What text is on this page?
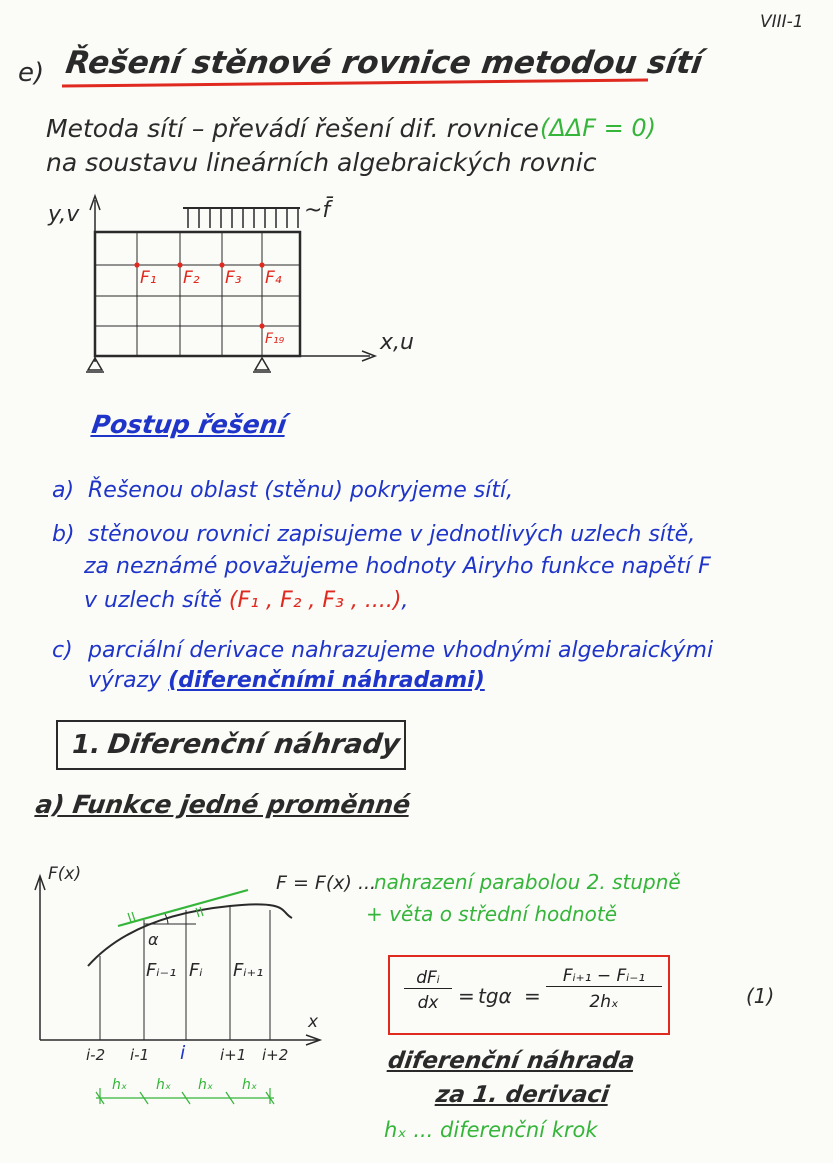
VIII-1
e) Řešení stěnové rovnice metodou sítí
Metoda sítí – převádí řešení dif. rovnice (ΔΔF = 0)
na soustavu lineárních algebraických rovnic
y,v
x,u
~f̄
F₁ F₂ F₃ F₄
F₁₉
Postup řešení
a) Řešenou oblast (stěnu) pokryjeme sítí,
b) stěnovou rovnici zapisujeme v jednotlivých uzlech sítě,
za neznámé považujeme hodnoty Airyho funkce napětí F
v uzlech sítě (F₁ , F₂ , F₃ , ....),
c) parciální derivace nahrazujeme vhodnými algebraickými
výrazy (diferenčními náhradami)
1. Diferenční náhrady
a) Funkce jedné proměnné
F(x)
x
α
Fᵢ₋₁ Fᵢ Fᵢ₊₁
i-2 i-1 i i+1 i+2
hₓ hₓ hₓ hₓ
F = F(x) ...
nahrazení parabolou 2. stupně
+ věta o střední hodnotě
dFᵢ
dx = $tg\alpha = \frac{\text{Fᵢ₊₁ − Fᵢ₋₁}}{\text{2hₓ}}$	(1)
diferenční náhrada
za 1. derivaci
hₓ ... diferenční krok
